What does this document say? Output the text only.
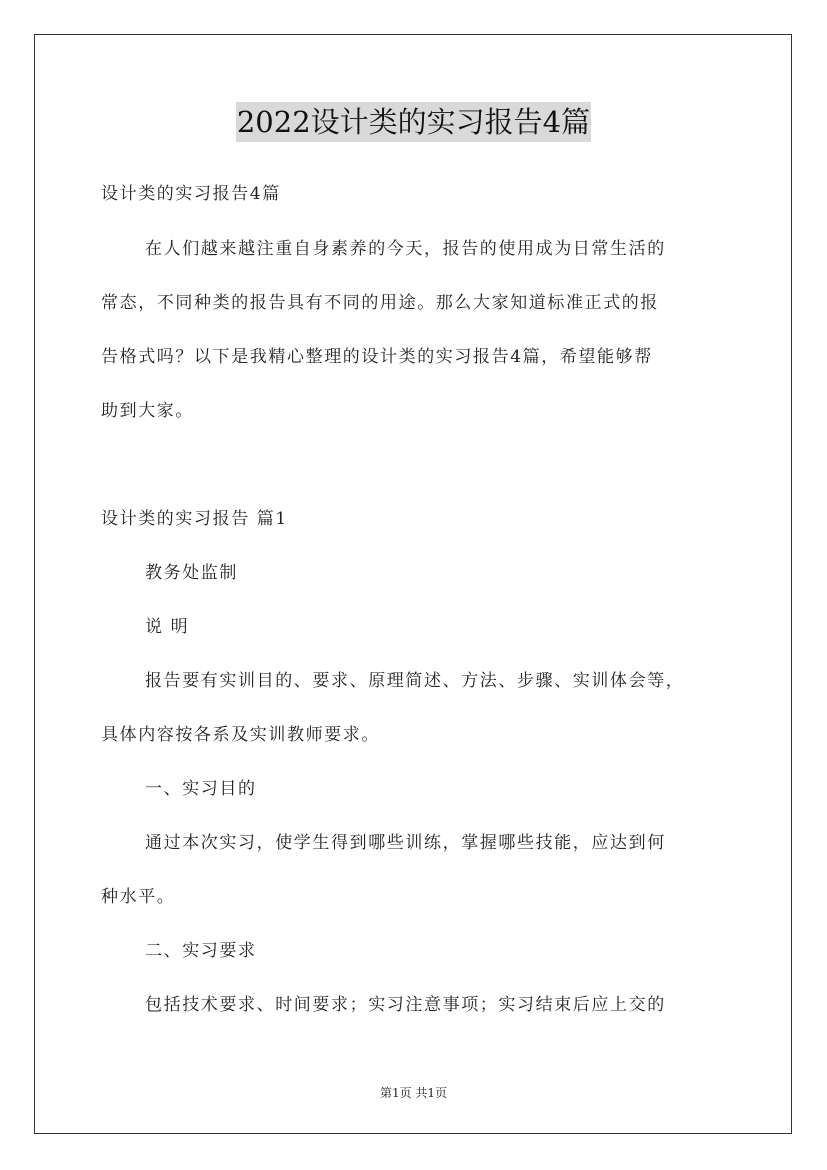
2022设计类的实习报告4篇
设计类的实习报告4篇
在人们越来越注重自身素养的今天，报告的使用成为日常生活的
常态，不同种类的报告具有不同的用途。那么大家知道标准正式的报
告格式吗？以下是我精心整理的设计类的实习报告4篇，希望能够帮
助到大家。
设计类的实习报告 篇1
教务处监制
说 明
报告要有实训目的、要求、原理简述、方法、步骤、实训体会等，
具体内容按各系及实训教师要求。
一、实习目的
通过本次实习，使学生得到哪些训练，掌握哪些技能，应达到何
种水平。
二、实习要求
包括技术要求、时间要求；实习注意事项；实习结束后应上交的
第1页 共1页
